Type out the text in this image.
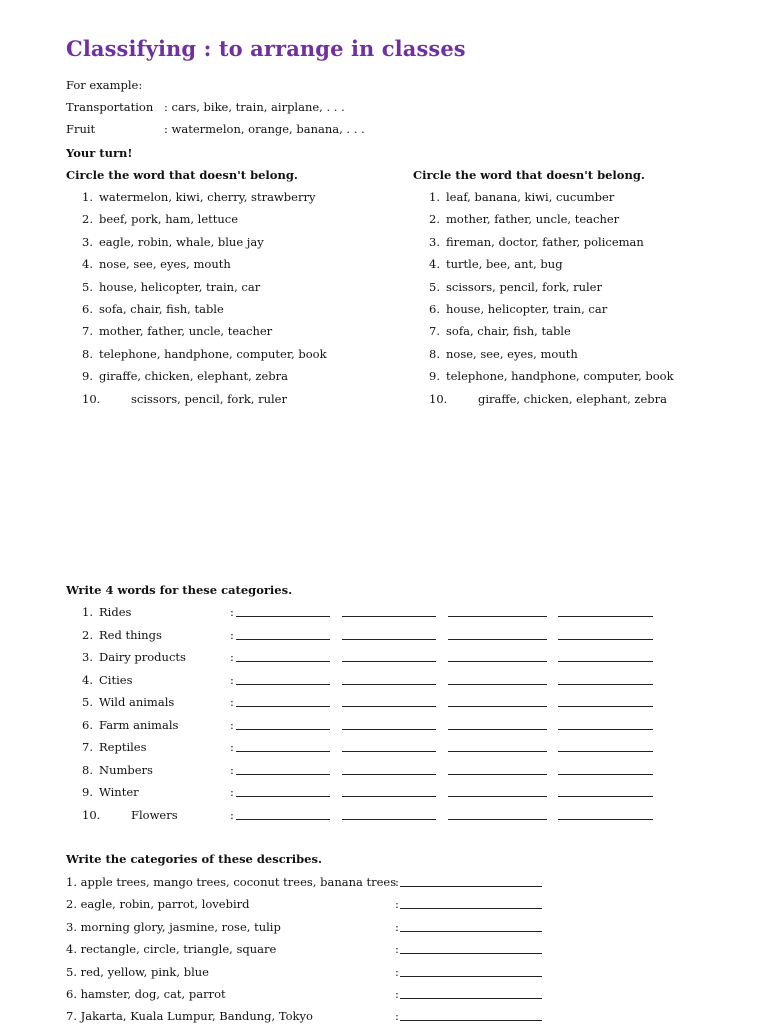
Classifying : to arrange in classes
For example:
Transportation : cars, bike, train, airplane, . . .
Fruit	: watermelon, orange, banana, . . .
Your turn!
Circle the word that doesn't belong.	Circle the word that doesn't belong.
Write 4 words for these categories.
Write the categories of these describes.
1. watermelon, kiwi, cherry, strawberry
2. beef, pork, ham, lettuce
3. eagle, robin, whale, blue jay
4. nose, see, eyes, mouth
5. house, helicopter, train, car
6. sofa, chair, fish, table
7. mother, father, uncle, teacher
8. telephone, handphone, computer, book
9. giraffe, chicken, elephant, zebra
10.	scissors, pencil, fork, ruler
1. leaf, banana, kiwi, cucumber
2. mother, father, uncle, teacher
3. fireman, doctor, father, policeman
4. turtle, bee, ant, bug
5. scissors, pencil, fork, ruler
6. house, helicopter, train, car
7. sofa, chair, fish, table
8. nose, see, eyes, mouth
9. telephone, handphone, computer, book
10.	giraffe, chicken, elephant, zebra
1. Rides	:
2. Red things	:
3. Dairy products	:
4. Cities	:
5. Wild animals	:
6. Farm animals	:
7. Reptiles	:
8. Numbers	:
9. Winter	:
10.	Flowers	:
1. apple trees, mango trees, coconut trees, banana trees
:
2. eagle, robin, parrot, lovebird	:
3. morning glory, jasmine, rose, tulip	:
4. rectangle, circle, triangle, square	:
5. red, yellow, pink, blue	:
6. hamster, dog, cat, parrot	:
7. Jakarta, Kuala Lumpur, Bandung, Tokyo	:
